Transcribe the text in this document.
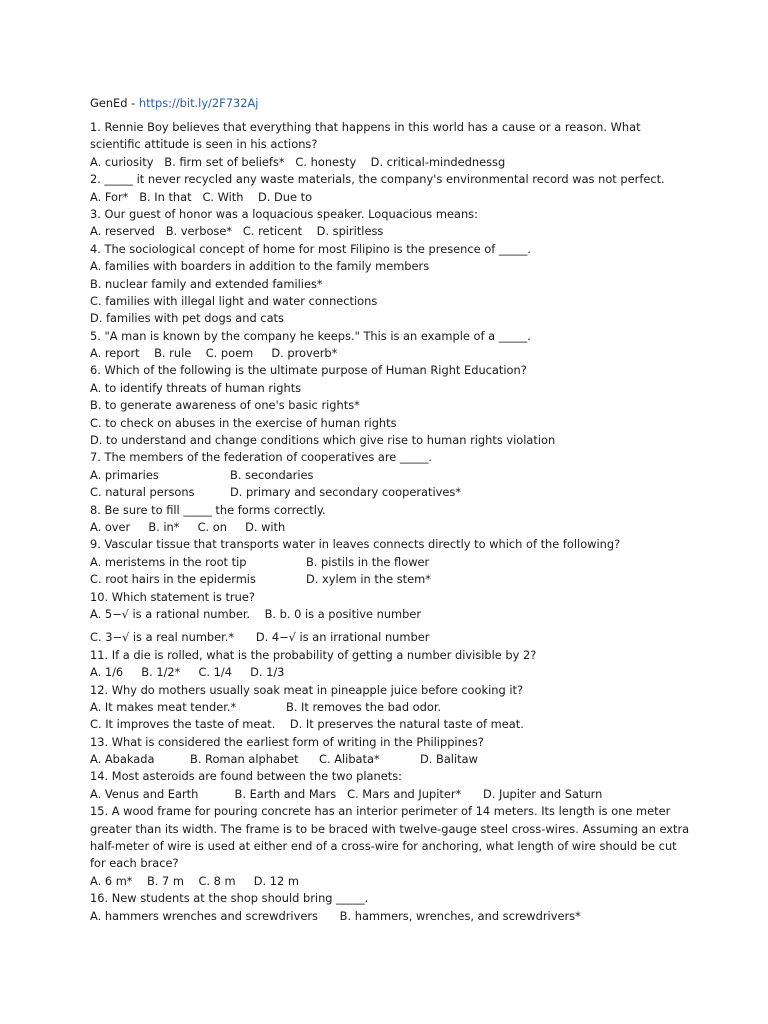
GenEd - https://bit.ly/2F732Aj
1. Rennie Boy believes that everything that happens in this world has a cause or a reason. What
scientific attitude is seen in his actions?
A. curiosity   B. firm set of beliefs*   C. honesty    D. critical-mindednessg
2. _____ it never recycled any waste materials, the company's environmental record was not perfect.
A. For*   B. In that   C. With    D. Due to
3. Our guest of honor was a loquacious speaker. Loquacious means:
A. reserved   B. verbose*   C. reticent    D. spiritless
4. The sociological concept of home for most Filipino is the presence of _____.
A. families with boarders in addition to the family members
B. nuclear family and extended families*
C. families with illegal light and water connections
D. families with pet dogs and cats
5. "A man is known by the company he keeps." This is an example of a _____.
A. report    B. rule    C. poem     D. proverb*
6. Which of the following is the ultimate purpose of Human Right Education?
A. to identify threats of human rights
B. to generate awareness of one's basic rights*
C. to check on abuses in the exercise of human rights
D. to understand and change conditions which give rise to human rights violation
7. The members of the federation of cooperatives are _____.
A. primaries	B. secondaries
C. natural persons	D. primary and secondary cooperatives*
8. Be sure to fill _____ the forms correctly.
A. over     B. in*     C. on     D. with
9. Vascular tissue that transports water in leaves connects directly to which of the following?
A. meristems in the root tip	B. pistils in the flower
C. root hairs in the epidermis	D. xylem in the stem*
10. Which statement is true?
A. 5−√ is a rational number.    B. b. 0 is a positive number
C. 3−√ is a real number.*      D. 4−√ is an irrational number
11. If a die is rolled, what is the probability of getting a number divisible by 2?
A. 1/6     B. 1/2*     C. 1/4     D. 1/3
12. Why do mothers usually soak meat in pineapple juice before cooking it?
A. It makes meat tender.*	B. It removes the bad odor.
C. It improves the taste of meat.    D. It preserves the natural taste of meat.
13. What is considered the earliest form of writing in the Philippines?
A. Abakada	B. Roman alphabet C. Alibata*	D. Balitaw
14. Most asteroids are found between the two planets:
A. Venus and Earth          B. Earth and Mars   C. Mars and Jupiter*      D. Jupiter and Saturn
15. A wood frame for pouring concrete has an interior perimeter of 14 meters. Its length is one meter
greater than its width. The frame is to be braced with twelve-gauge steel cross-wires. Assuming an extra
half-meter of wire is used at either end of a cross-wire for anchoring, what length of wire should be cut
for each brace?
A. 6 m*    B. 7 m    C. 8 m     D. 12 m
16. New students at the shop should bring _____.
A. hammers wrenches and screwdrivers      B. hammers, wrenches, and screwdrivers*
